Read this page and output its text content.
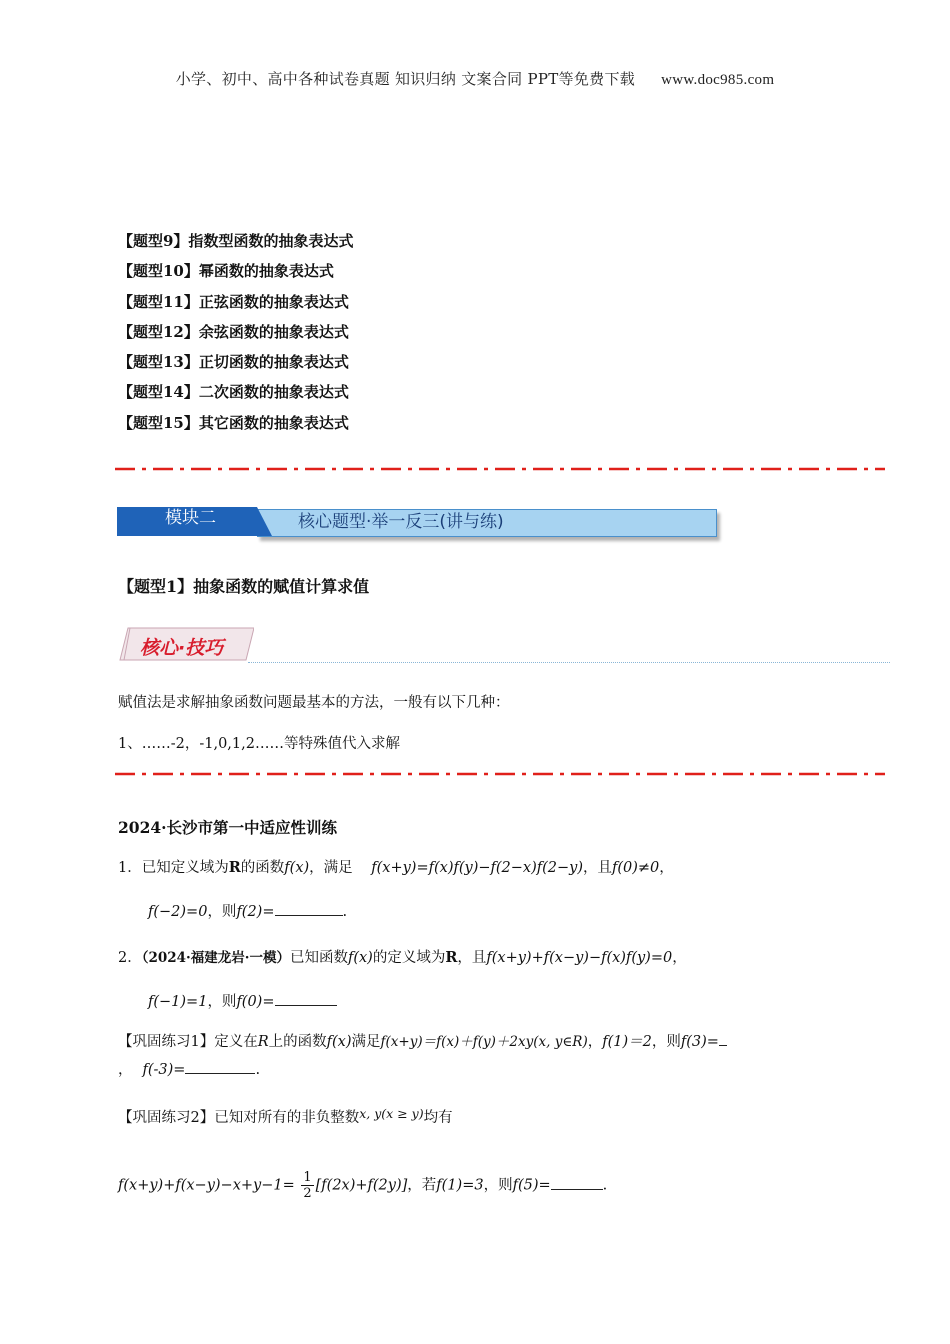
小学、初中、高中各种试卷真题 知识归纳 文案合同 PPT等免费下载 www.doc985.com
【题型9】指数型函数的抽象表达式
【题型10】幂函数的抽象表达式
【题型11】正弦函数的抽象表达式
【题型12】余弦函数的抽象表达式
【题型13】正切函数的抽象表达式
【题型14】二次函数的抽象表达式
【题型15】其它函数的抽象表达式
核心题型·举一反三(讲与练)
模块二
【题型1】抽象函数的赋值计算求值
核心·技巧
赋值法是求解抽象函数问题最基本的方法，一般有以下几种：
1、……-2，-1,0,1,2……等特殊值代入求解
2024·长沙市第一中适应性训练
1．已知定义域为R的函数f(x)，满足 f(x+y)=f(x)f(y)−f(2−x)f(2−y)，且f(0)≠0，
f(−2)=0，则f(2)=	.
2．（2024·福建龙岩·一模）已知函数f(x)的定义域为R，且f(x+y)+f(x−y)−f(x)f(y)=0，
f(−1)=1，则f(0)=
【巩固练习1】定义在R上的函数f(x)满足f(x+y)＝f(x)＋f(y)＋2xy(x, y∈R)，f(1)＝2，则f(3)=
， f(-3)=	.
【巩固练习2】已知对所有的非负整数x, y(x ≥ y)均有
$f(x+y)+f(x-y)-x+y-1= \frac{1}{2} [f(2x)+f(2y)]$，若f(1)=3，则f(5)=	.
